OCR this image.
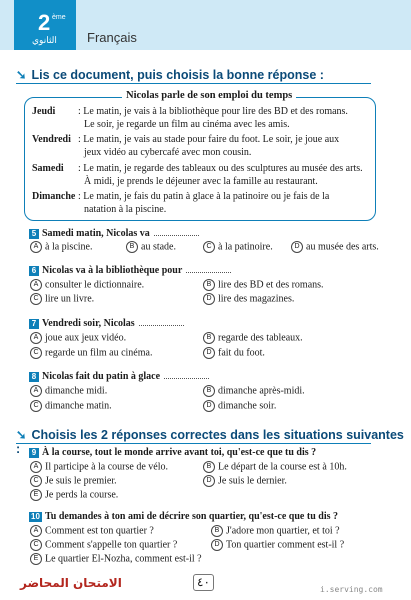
2 ème
الثانوي Français
➘ Lis ce document, puis choisis la bonne réponse :
Nicolas parle de son emploi du temps
Jeudi : Le matin, je vais à la bibliothèque pour lire des BD et des romans.
Le soir, je regarde un film au cinéma avec les amis.
Vendredi : Le matin, je vais au stade pour faire du foot. Le soir, je joue aux
jeux vidéo au cybercafé avec mon cousin.
Samedi : Le matin, je regarde des tableaux ou des sculptures au musée des arts.
À midi, je prends le déjeuner avec la famille au restaurant.
Dimanche : Le matin, je fais du patin à glace à la patinoire ou je fais de la
natation à la piscine.
5 Samedi matin, Nicolas va
A à la piscine.	B au stade.	C à la patinoire.	D au musée des arts.
6 Nicolas va à la bibliothèque pour
A consulter le dictionnaire.	B lire des BD et des romans.
C lire un livre.	D lire des magazines.
7 Vendredi soir, Nicolas
A joue aux jeux vidéo.	B regarde des tableaux.
C regarde un film au cinéma.	D fait du foot.
8 Nicolas fait du patin à glace
A dimanche midi.	B dimanche après-midi.
C dimanche matin.	D dimanche soir.
➘ Choisis les 2 réponses correctes dans les situations suivantes :	9 À la course, tout le monde arrive avant toi, qu'est-ce que tu dis ?
A Il participe à la course de vélo.	B Le départ de la course est à 10h.
C Je suis le premier.	D Je suis le dernier.
E Je perds la course.
10 Tu demandes à ton ami de décrire son quartier, qu'est-ce que tu dis ?
A Comment est ton quartier ?	B J'adore mon quartier, et toi ?
C Comment s'appelle ton quartier ?	D Ton quartier comment est-il ?
E Le quartier El-Nozha, comment est-il ?
الامتحان المحاضر	٤٠
i.serving.com
